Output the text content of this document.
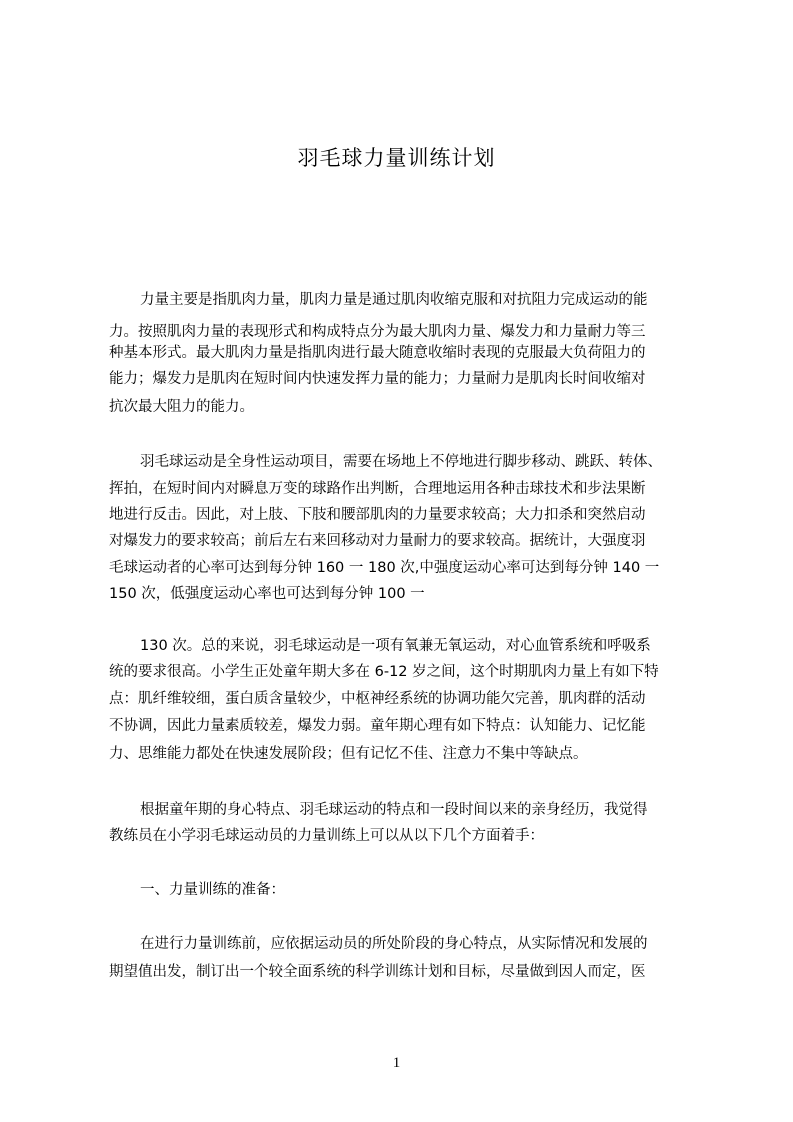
羽毛球力量训练计划

力量主要是指肌肉力量，肌肉力量是通过肌肉收缩克服和对抗阻力完成运动的能

力。按照肌肉力量的表现形式和构成特点分为最大肌肉力量、爆发力和力量耐力等三

种基本形式。最大肌肉力量是指肌肉进行最大随意收缩时表现的克服最大负荷阻力的

能力；爆发力是肌肉在短时间内快速发挥力量的能力；力量耐力是肌肉长时间收缩对

抗次最大阻力的能力。

羽毛球运动是全身性运动项目，需要在场地上不停地进行脚步移动、跳跃、转体、

挥拍，在短时间内对瞬息万变的球路作出判断，合理地运用各种击球技术和步法果断

地进行反击。因此，对上肢、下肢和腰部肌肉的力量要求较高；大力扣杀和突然启动

对爆发力的要求较高；前后左右来回移动对力量耐力的要求较高。据统计，大强度羽

毛球运动者的心率可达到每分钟 160 一 180 次,中强度运动心率可达到每分钟 140 一

150 次，低强度运动心率也可达到每分钟 100 一

130 次。总的来说，羽毛球运动是一项有氧兼无氧运动，对心血管系统和呼吸系

统的要求很高。小学生正处童年期大多在 6-12 岁之间，这个时期肌肉力量上有如下特

点：肌纤维较细，蛋白质含量较少，中枢神经系统的协调功能欠完善，肌肉群的活动

不协调，因此力量素质较差，爆发力弱。童年期心理有如下特点：认知能力、记忆能

力、思维能力都处在快速发展阶段；但有记忆不佳、注意力不集中等缺点。

根据童年期的身心特点、羽毛球运动的特点和一段时间以来的亲身经历，我觉得

教练员在小学羽毛球运动员的力量训练上可以从以下几个方面着手：

一、力量训练的准备：

在进行力量训练前，应依据运动员的所处阶段的身心特点，从实际情况和发展的

期望值出发，制订出一个较全面系统的科学训练计划和目标，尽量做到因人而定，医

1
